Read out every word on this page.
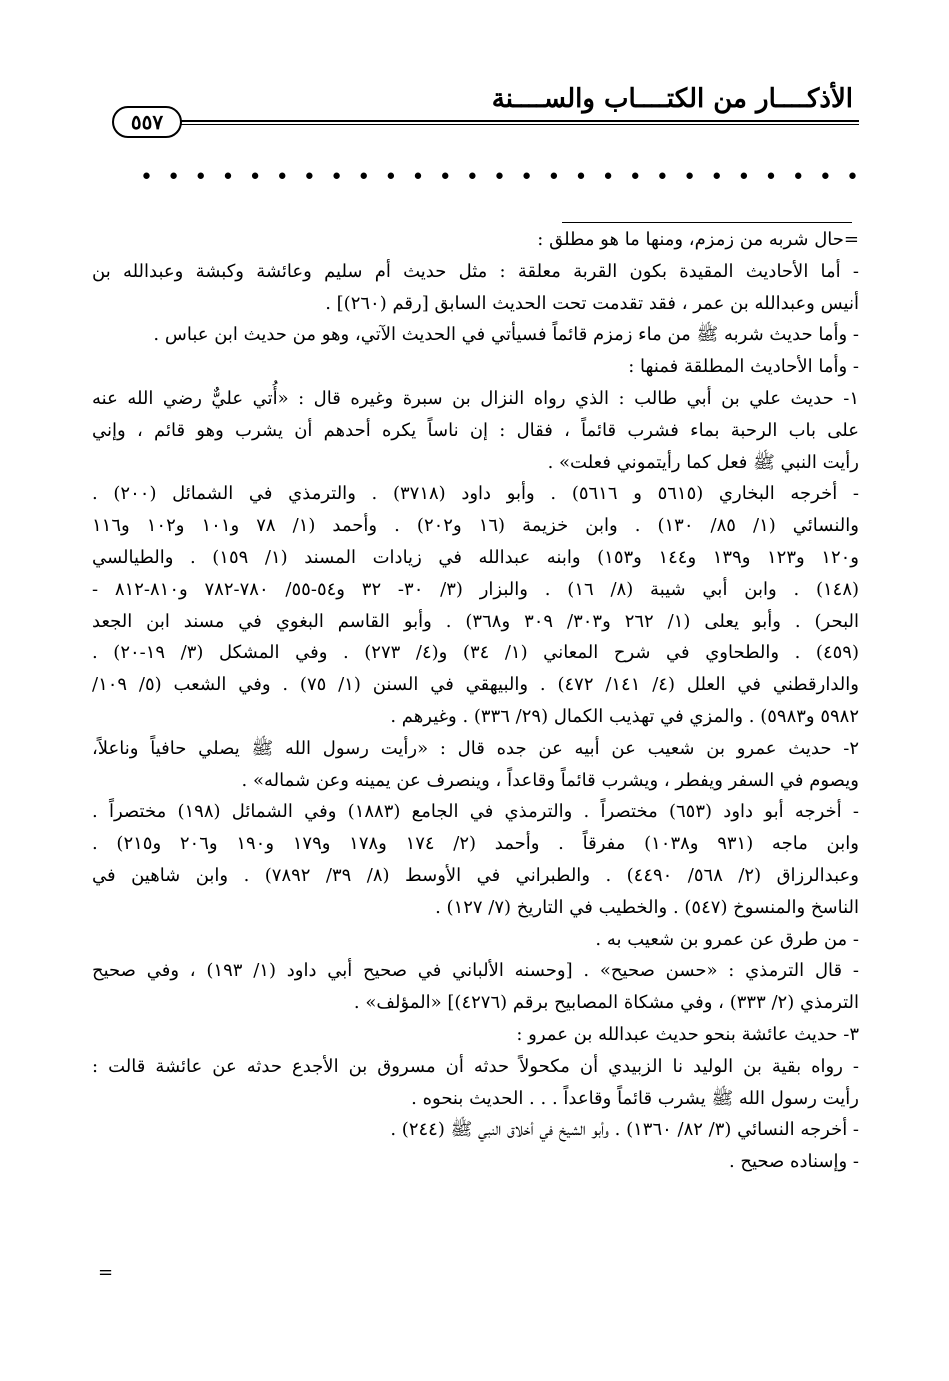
الأذكــــار من الكتــــاب والســــنة
٥٥٧
• • • • • • • • • • • • • • • • • • • • • • • • • • •

=حال شربه من زمزم، ومنها ما هو مطلق :

- أما الأحاديث المقيدة بكون القربة معلقة : مثل حديث أم سليم وعائشة وكبشة وعبدالله بن

أنيس وعبدالله بن عمر ، فقد تقدمت تحت الحديث السابق [رقم (٢٦٠)] .

- وأما حديث شربه ﷺ من ماء زمزم قائماً فسيأتي في الحديث الآتي، وهو من حديث ابن عباس .

- وأما الأحاديث المطلقة فمنها :

١- حديث علي بن أبي طالب : الذي رواه النزال بن سبرة وغيره قال : «أُتي عليٌّ رضي الله عنه

على باب الرحبة بماء فشرب قائماً ، فقال : إن ناساً يكره أحدهم أن يشرب وهو قائم ، وإني

رأيت النبي ﷺ فعل كما رأيتموني فعلت» .

- أخرجه البخاري (٥٦١٥ و ٥٦١٦) . وأبو داود (٣٧١٨) . والترمذي في الشمائل (٢٠٠) .

والنسائي (١/ ٨٥/ ١٣٠) . وابن خزيمة (١٦ و٢٠٢) . وأحمد (١/ ٧٨ و١٠١ و١٠٢ و١١٦

و١٢٠ و١٢٣ و١٣٩ و١٤٤ و١٥٣) وابنه عبدالله في زيادات المسند (١/ ١٥٩) . والطيالسي

(١٤٨) . وابن أبي شيبة (٨/ ١٦) . والبزار (٣/ ٣٠- ٣٢ و٥٤-٥٥/ ٧٨٠-٧٨٢ و٨١٠-٨١٢ -

البحر) . وأبو يعلى (١/ ٢٦٢ و٣٠٣/ ٣٠٩ و٣٦٨) . وأبو القاسم البغوي في مسند ابن الجعد

(٤٥٩) . والطحاوي في شرح المعاني (١/ ٣٤) و(٤/ ٢٧٣) . وفي المشكل (٣/ ١٩-٢٠) .

والدارقطني في العلل (٤/ ١٤١/ ٤٧٢) . والبيهقي في السنن (١/ ٧٥) . وفي الشعب (٥/ ١٠٩/

٥٩٨٢ و٥٩٨٣) . والمزي في تهذيب الكمال (٢٩/ ٣٣٦) . وغيرهم .

٢- حديث عمرو بن شعيب عن أبيه عن جده قال : «رأيت رسول الله ﷺ يصلي حافياً وناعلاً،

ويصوم في السفر ويفطر ، ويشرب قائماً وقاعداً ، وينصرف عن يمينه وعن شماله» .

- أخرجه أبو داود (٦٥٣) مختصراً . والترمذي في الجامع (١٨٨٣) وفي الشمائل (١٩٨) مختصراً .

وابن ماجه (٩٣١ و١٠٣٨) مفرقاً . وأحمد (٢/ ١٧٤ و١٧٨ و١٧٩ و١٩٠ و٢٠٦ و٢١٥) .

وعبدالرزاق (٢/ ٥٦٨/ ٤٤٩٠) . والطبراني في الأوسط (٨/ ٣٩/ ٧٨٩٢) . وابن شاهين في

الناسخ والمنسوخ (٥٤٧) . والخطيب في التاريخ (٧/ ١٢٧) .

- من طرق عن عمرو بن شعيب به .

- قال الترمذي : «حسن صحيح» . [وحسنه الألباني في صحيح أبي داود (١/ ١٩٣) ، وفي صحيح

الترمذي (٢/ ٣٣٣) ، وفي مشكاة المصابيح برقم (٤٢٧٦)] «المؤلف» .

٣- حديث عائشة بنحو حديث عبدالله بن عمرو :

- رواه بقية بن الوليد نا الزبيدي أن مكحولاً حدثه أن مسروق بن الأجدع حدثه عن عائشة قالت :

رأيت رسول الله ﷺ يشرب قائماً وقاعداً . . . الحديث بنحوه .

- أخرجه النسائي (٣/ ٨٢/ ١٣٦٠) . وأبو الشيخ في أخلاق النبي ﷺ (٢٤٤) .

- وإسناده صحيح .

=
